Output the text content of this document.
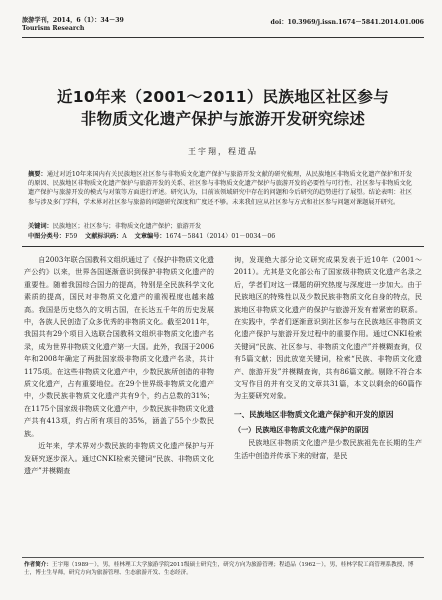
旅游学刊，2014，6（1）：34－39
Tourism Research
doi：10.3969/j.issn.1674－5841.2014.01.006
近10年来（2001～2011）民族地区社区参与
非物质文化遗产保护与旅游开发研究综述
王宇翔，程道品
摘要：通过对近10年来国内有关民族地区社区参与非物质文化遗产保护与旅游开发文献的研究梳理，从民族地区非物质文化遗产保护和开发的原因、民族地区非物质文化遗产保护与旅游开发的关系、社区参与非物质文化遗产保护与旅游开发的必要性与可行性、社区参与非物质文化遗产保护与旅游开发的模式与对策等方面进行评述。研究认为，目前该领域研究中存在的问题和今后研究的趋势进行了展望。结论表明：社区参与涉及多门学科，学术界对社区参与旅游的问题研究深度和广度还不够。未来我们应从社区参与方式和社区参与问题对课题展开研究。
关键词：民族地区；社区参与；非物质文化遗产保护；旅游开发
中图分类号：F59 文献标识码：A 文章编号：1674－5841（2014）01－0034－06

自2003年联合国教科文组织通过了《保护非物质文化遗产公约》以来，世界各国逐渐意识到保护非物质文化遗产的重要性。随着我国综合国力的提高，特别是全民族科学文化素质的提高，国民对非物质文化遗产的重视程度也越来越高。我国是历史悠久的文明古国，在长达五千年的历史发展中，各族人民创造了众多优秀的非物质文化。截至2011年，我国共有29个项目入选联合国教科文组织非物质文化遗产名录，成为世界非物质文化遗产第一大国。此外，我国于2006年和2008年确定了两批国家级非物质文化遗产名录，共计1175项。在这些非物质文化遗产中，少数民族所创造的非物质文化遗产，占有重要地位。在29个世界级非物质文化遗产中，少数民族非物质文化遗产共有9个，约占总数的31%；在1175个国家级非物质文化遗产中，少数民族非物质文化遗产共有413项，约占所有项目的35%，涵盖了55个少数民族。

近年来，学术界对少数民族的非物质文化遗产保护与开发研究逐步深入。通过CNKI检索关键词“民族、非物质文化遗产”并模糊查

询，发现绝大部分论文研究成果发表于近10年（2001～2011）。尤其是文化部公布了国家级非物质文化遗产名录之后，学者们对这一课题的研究热度与深度进一步加大。由于民族地区的特殊性以及少数民族非物质文化自身的特点，民族地区非物质文化遗产的保护与旅游开发有着紧密的联系。在实践中，学者们逐渐意识到社区参与在民族地区非物质文化遗产保护与旅游开发过程中的重要作用。通过CNKI检索关键词“民族、社区参与、非物质文化遗产”并模糊查询，仅有5篇文献；因此放宽关键词，检索“民族、非物质文化遗产、旅游开发”并模糊查询，共有86篇文献。剔除不符合本文写作目的并有交叉的文章共31篇，本文以剩余的60篇作为主要研究对象。

一、民族地区非物质文化遗产保护和开发的原因
（一）民族地区非物质文化遗产保护的原因

民族地区非物质文化遗产是少数民族祖先在长期的生产生活中创造并传承下来的财富，是民

作者简介：王宇翔（1989－），男，桂林理工大学旅游学院2011级硕士研究生，研究方向为旅游管理；程道品（1962－），男，桂林学院工商管理系教授，博士，博士生导师，研究方向为旅游管理、生态旅游开发、生态经济。
